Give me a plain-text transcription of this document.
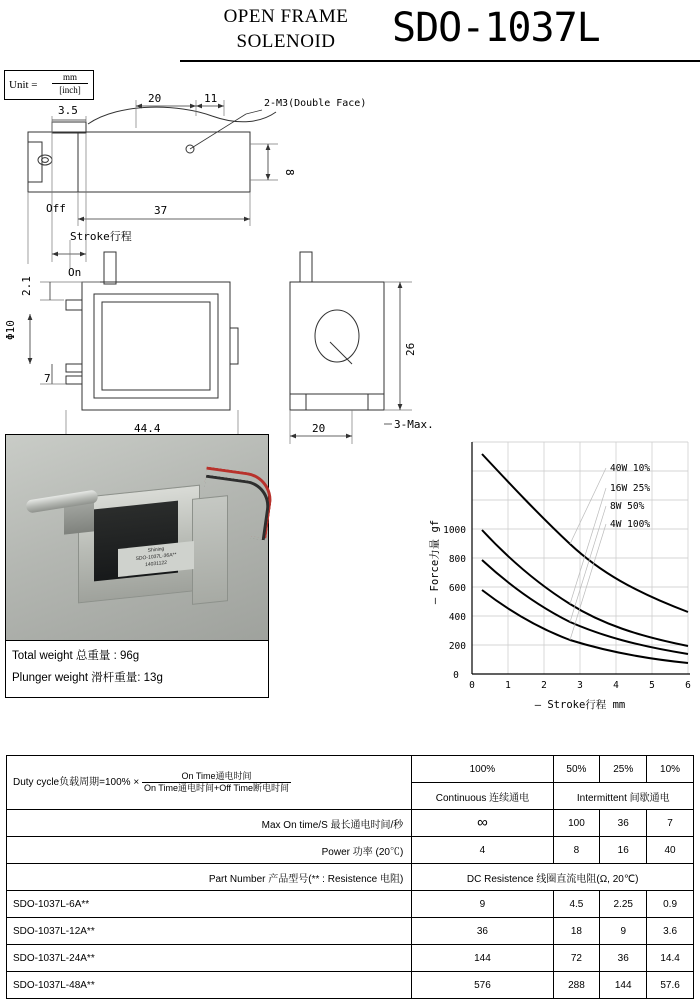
OPEN FRAME
SOLENOID	SDO-1037L
Unit =
mm
[inch]
20	11	2-M3(Double Face)
3.5
8
Off	37
Stroke行程
On
2.1
Φ10
7
44.4
26
20	3-Max.
Shining
SDO-1037L-36A**
14031122
Total weight 总重量 : 96g
Plunger weight 滑杆重量: 13g
40W 10%
16W 25%
8W 50%
4W 100%
0
200
400
600
800
1000
0	1	2	3	4	5	6
— Force力量 gf
— Stroke行程 mm
Duty cycle负载周期$=100\% \times \frac{\text{On Time通电时间}}{\text{On Time通电时间+Off Time断电时间}}$	100%	50%	25%	10%
	Continuous 连续通电	Intermittent 间歇通电		
Max On time/S 最长通电时间/秒	∞	100	36	7
Power 功率 (20℃)	4	8	16	40
Part Number 产品型号(** : Resistence 电阻)	DC Resistence 线圈直流电阻(Ω, 20℃)			
SDO-1037L-6A**	9	4.5	2.25	0.9
SDO-1037L-12A**	36	18	9	3.6
SDO-1037L-24A**	144	72	36	14.4
SDO-1037L-48A**	576	288	144	57.6
